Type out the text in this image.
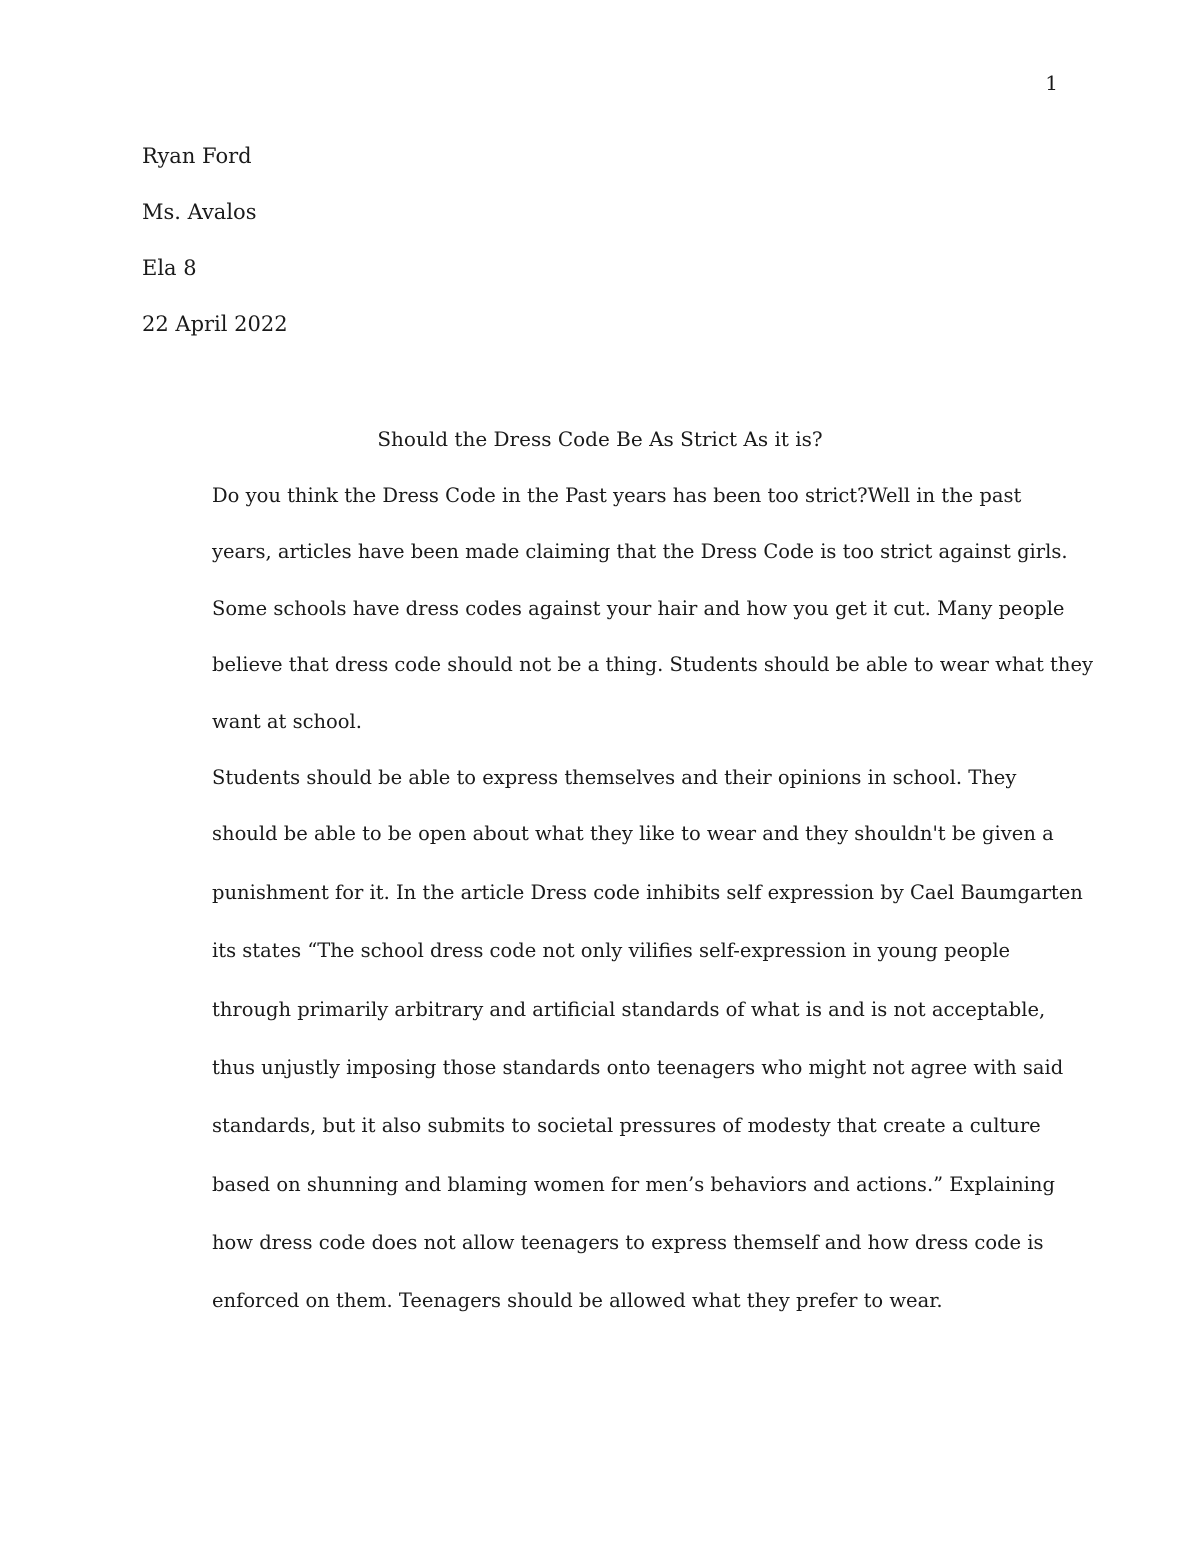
1
Ryan Ford
Ms. Avalos
Ela 8
22 April 2022
Should the Dress Code Be As Strict As it is?
Do you think the Dress Code in the Past years has been too strict?Well in the past
years, articles have been made claiming that the Dress Code is too strict against girls.
Some schools have dress codes against your hair and how you get it cut. Many people
believe that dress code should not be a thing. Students should be able to wear what they
want at school.
Students should be able to express themselves and their opinions in school. They
should be able to be open about what they like to wear and they shouldn't be given a
punishment for it. In the article Dress code inhibits self expression by Cael Baumgarten
its states “The school dress code not only vilifies self-expression in young people
through primarily arbitrary and artificial standards of what is and is not acceptable,
thus unjustly imposing those standards onto teenagers who might not agree with said
standards, but it also submits to societal pressures of modesty that create a culture
based on shunning and blaming women for men’s behaviors and actions.” Explaining
how dress code does not allow teenagers to express themself and how dress code is
enforced on them. Teenagers should be allowed what they prefer to wear.
